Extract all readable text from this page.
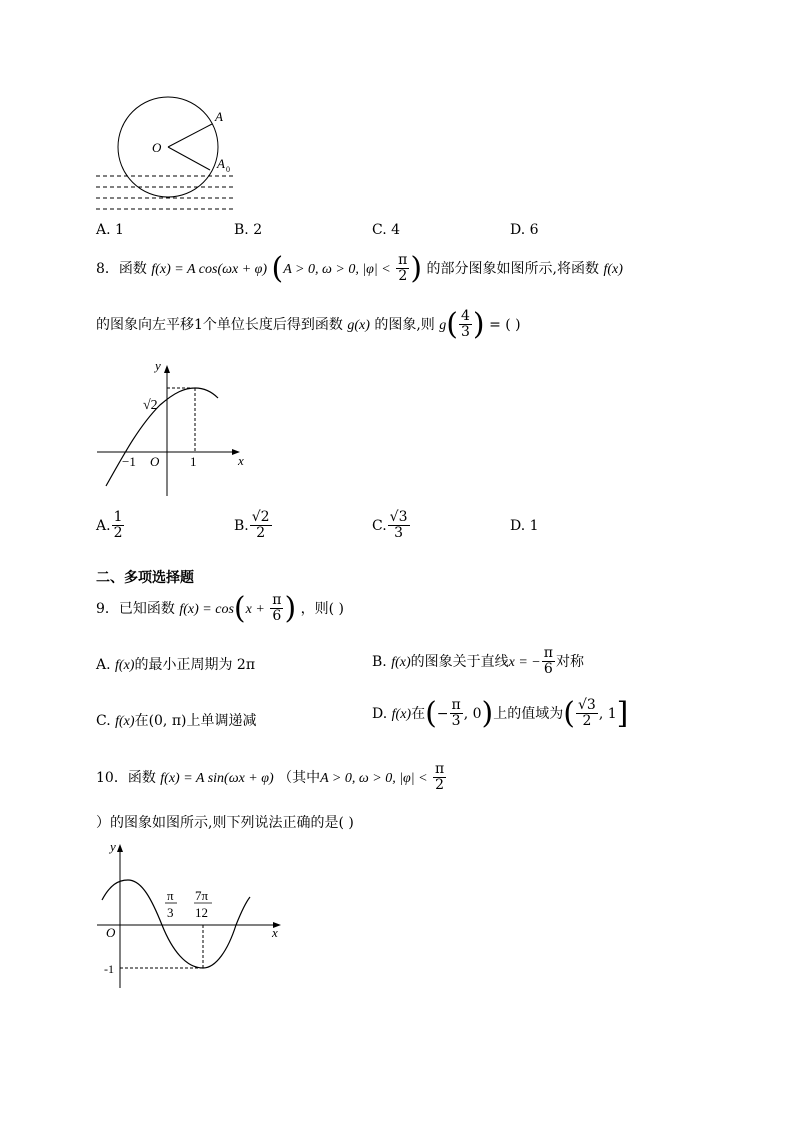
A
O
A 0
A. 1	B. 2	C. 4	D. 6
8．函数 f(x) = A cos(ωx + φ) (A > 0, ω > 0, $|\varphi| < \frac{\pi}{2}$ ) 的部分图象如图所示,将函数 f(x)
的图象向左平移1个单位长度后得到函数 g(x) 的图象,则 $g( \frac{4}{3}$ ) = ( )
y
x
√2
−1 O 1
A. $\frac{1}{2}$	B. $\frac{√2}{2}$	C. $\frac{√3}{3}$	D. 1
二、多项选择题
9．已知函数 $f(x) = \cos(x + \frac{\pi}{6}$ ) ，则( )
A. f(x)的最小正周期为 2π	B. f(x)的图象关于直线x = − $\frac{\pi}{6}$ 对称
C. f(x)在(0, π)上单调递减	D. f(x)在(− $\frac{\pi}{3}$ , 0)上的值域为( $\frac{√3}{2}$ , 1]
10．函数 f(x) = A sin(ωx + φ) （其中A > 0, ω > 0, $|\varphi| < \frac{\pi}{2}$
）的图象如图所示,则下列说法正确的是( )
y
x
O
π
3
7π
12
-1
